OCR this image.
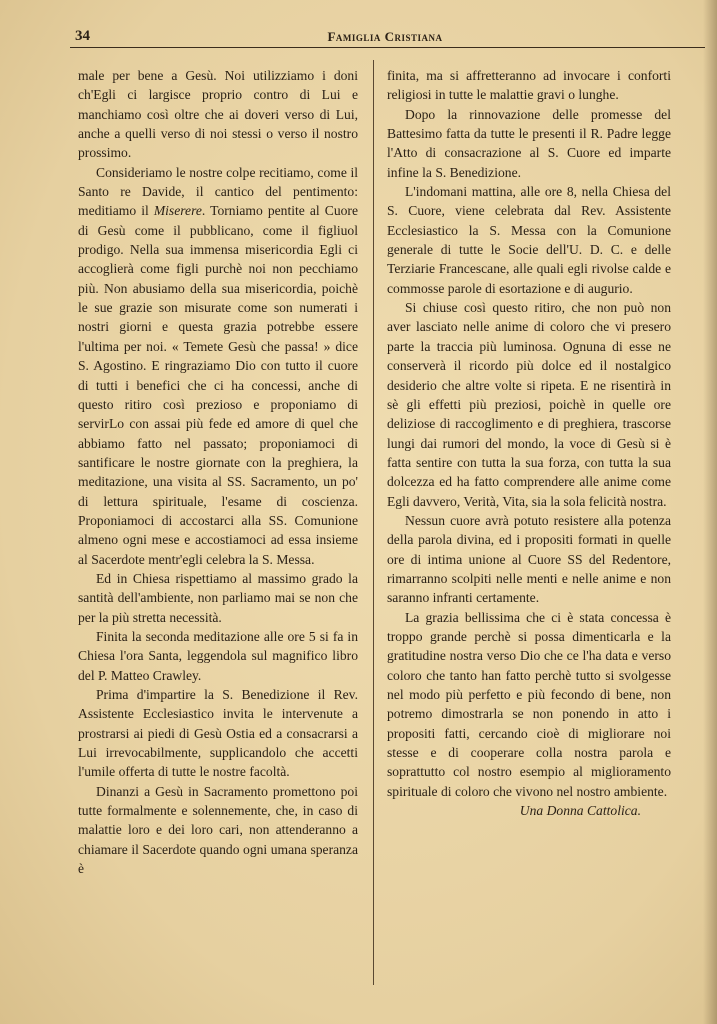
34	Famiglia Cristiana

male per bene a Gesù. Noi utilizziamo i doni ch'Egli ci largisce proprio contro di Lui e manchiamo così oltre che ai doveri verso di Lui, anche a quelli verso di noi stessi o verso il nostro prossimo.

Consideriamo le nostre colpe recitiamo, come il Santo re Davide, il cantico del pentimento: meditiamo il Miserere. Torniamo pentite al Cuore di Gesù come il pubblicano, come il figliuol prodigo. Nella sua immensa misericordia Egli ci accoglierà come figli purchè noi non pecchiamo più. Non abusiamo della sua misericordia, poichè le sue grazie son misurate come son numerati i nostri giorni e questa grazia potrebbe essere l'ultima per noi. « Temete Gesù che passa! » dice S. Agostino. E ringraziamo Dio con tutto il cuore di tutti i benefici che ci ha concessi, anche di questo ritiro così prezioso e proponiamo di servirLo con assai più fede ed amore di quel che abbiamo fatto nel passato; proponiamoci di santificare le nostre giornate con la preghiera, la meditazione, una visita al SS. Sacramento, un po' di lettura spirituale, l'esame di coscienza. Proponiamoci di accostarci alla SS. Comunione almeno ogni mese e accostiamoci ad essa insieme al Sacerdote mentr'egli celebra la S. Messa.

Ed in Chiesa rispettiamo al massimo grado la santità dell'ambiente, non parliamo mai se non che per la più stretta necessità.

Finita la seconda meditazione alle ore 5 si fa in Chiesa l'ora Santa, leggendola sul magnifico libro del P. Matteo Crawley.

Prima d'impartire la S. Benedizione il Rev. Assistente Ecclesiastico invita le intervenute a prostrarsi ai piedi di Gesù Ostia ed a consacrarsi a Lui irrevocabilmente, supplicandolo che accetti l'umile offerta di tutte le nostre facoltà.

Dinanzi a Gesù in Sacramento promettono poi tutte formalmente e solennemente, che, in caso di malattie loro e dei loro cari, non attenderanno a chiamare il Sacerdote quando ogni umana speranza è

finita, ma si affretteranno ad invocare i conforti religiosi in tutte le malattie gravi o lunghe.

Dopo la rinnovazione delle promesse del Battesimo fatta da tutte le presenti il R. Padre legge l'Atto di consacrazione al S. Cuore ed imparte infine la S. Benedizione.

L'indomani mattina, alle ore 8, nella Chiesa del S. Cuore, viene celebrata dal Rev. Assistente Ecclesiastico la S. Messa con la Comunione generale di tutte le Socie dell'U. D. C. e delle Terziarie Francescane, alle quali egli rivolse calde e commosse parole di esortazione e di augurio.

Si chiuse così questo ritiro, che non può non aver lasciato nelle anime di coloro che vi presero parte la traccia più luminosa. Ognuna di esse ne conserverà il ricordo più dolce ed il nostalgico desiderio che altre volte si ripeta. E ne risentirà in sè gli effetti più preziosi, poichè in quelle ore deliziose di raccoglimento e di preghiera, trascorse lungi dai rumori del mondo, la voce di Gesù si è fatta sentire con tutta la sua forza, con tutta la sua dolcezza ed ha fatto comprendere alle anime come Egli davvero, Verità, Vita, sia la sola felicità nostra.

Nessun cuore avrà potuto resistere alla potenza della parola divina, ed i propositi formati in quelle ore di intima unione al Cuore SS del Redentore, rimarranno scolpiti nelle menti e nelle anime e non saranno infranti certamente.

La grazia bellissima che ci è stata concessa è troppo grande perchè si possa dimenticarla e la gratitudine nostra verso Dio che ce l'ha data e verso coloro che tanto han fatto perchè tutto si svolgesse nel modo più perfetto e più fecondo di bene, non potremo dimostrarla se non ponendo in atto i propositi fatti, cercando cioè di migliorare noi stesse e di cooperare colla nostra parola e soprattutto col nostro esempio al miglioramento spirituale di coloro che vivono nel nostro ambiente.

Una Donna Cattolica.
